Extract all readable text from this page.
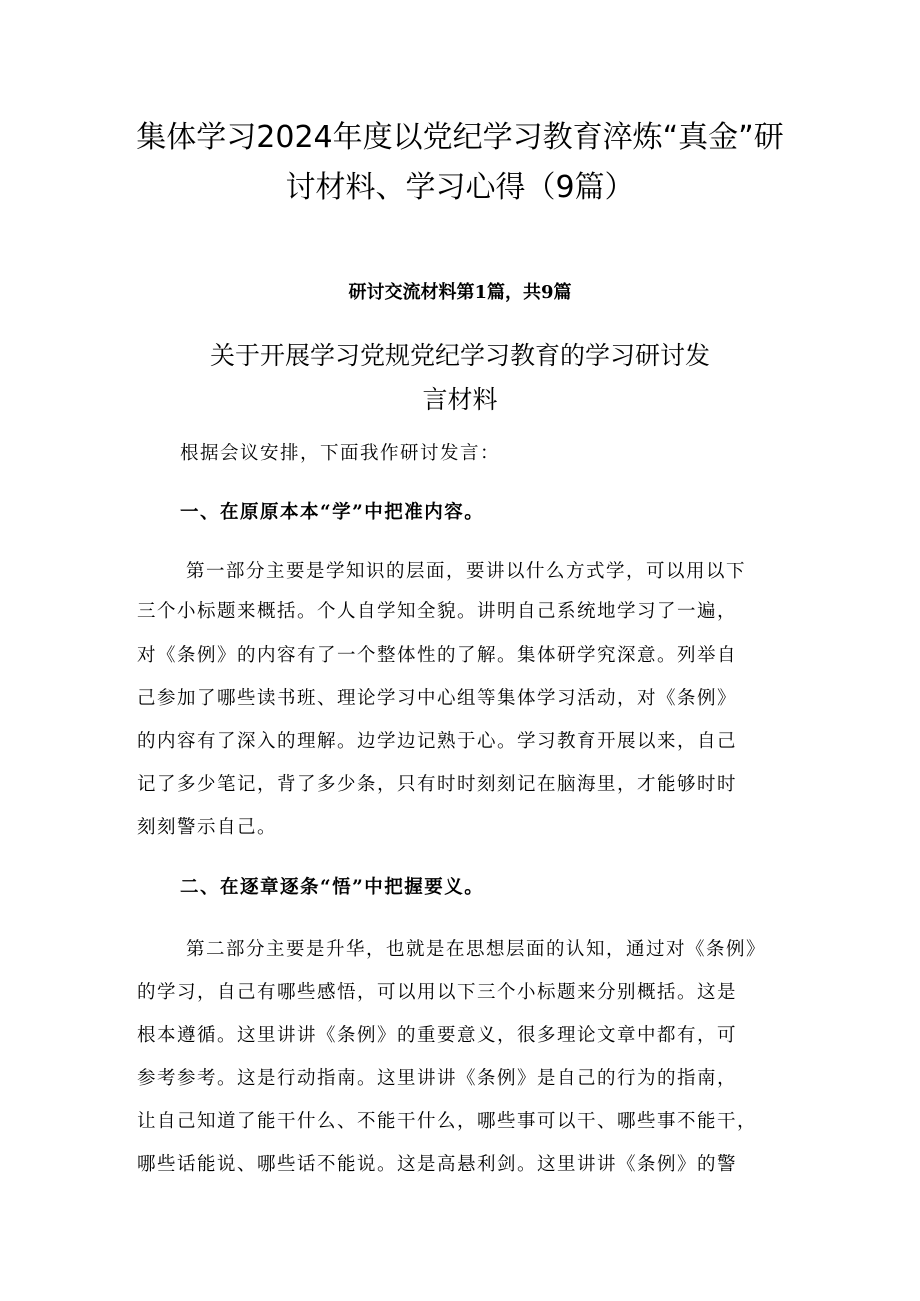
集体学习2024年度以党纪学习教育淬炼“真金”研
讨材料、学习心得（9篇）
研讨交流材料第1篇，共9篇
关于开展学习党规党纪学习教育的学习研讨发
言材料
根据会议安排，下面我作研讨发言：
一、在原原本本“学”中把准内容。
第一部分主要是学知识的层面，要讲以什么方式学，可以用以下
三个小标题来概括。个人自学知全貌。讲明自己系统地学习了一遍，
对《条例》的内容有了一个整体性的了解。集体研学究深意。列举自
己参加了哪些读书班、理论学习中心组等集体学习活动，对《条例》
的内容有了深入的理解。边学边记熟于心。学习教育开展以来，自己
记了多少笔记，背了多少条，只有时时刻刻记在脑海里，才能够时时
刻刻警示自己。
二、在逐章逐条“悟”中把握要义。
第二部分主要是升华，也就是在思想层面的认知，通过对《条例》
的学习，自己有哪些感悟，可以用以下三个小标题来分别概括。这是
根本遵循。这里讲讲《条例》的重要意义，很多理论文章中都有，可
参考参考。这是行动指南。这里讲讲《条例》是自己的行为的指南，
让自己知道了能干什么、不能干什么，哪些事可以干、哪些事不能干，
哪些话能说、哪些话不能说。这是高悬利剑。这里讲讲《条例》的警
